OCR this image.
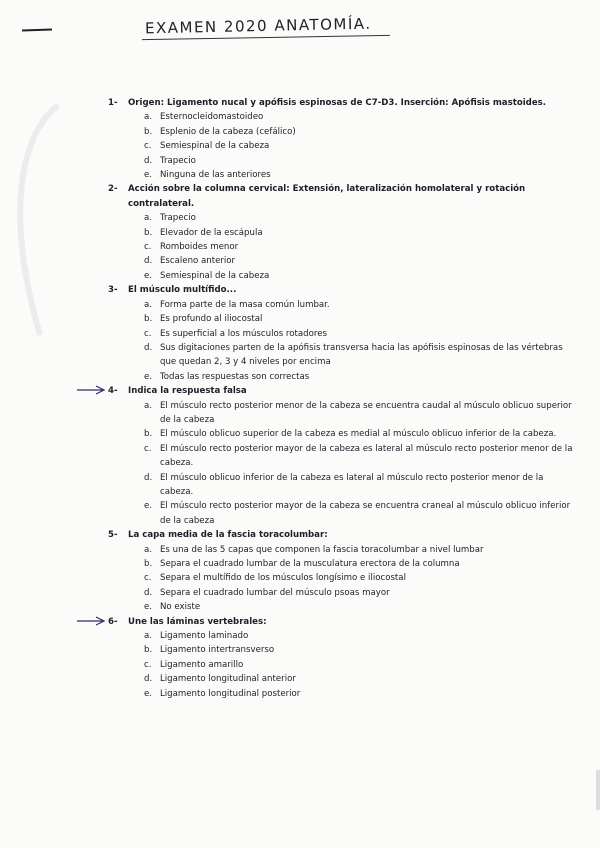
EXAMEN 2020 ANATOMÍA.
1- Origen: Ligamento nucal y apófisis espinosas de C7-D3. Inserción: Apófisis mastoides.
a. Esternocleidomastoideo
b. Esplenio de la cabeza (cefálico)
c. Semiespinal de la cabeza
d. Trapecio
e. Ninguna de las anteriores
2- Acción sobre la columna cervical: Extensión, lateralización homolateral y rotación contralateral.
a. Trapecio
b. Elevador de la escápula
c. Romboides menor
d. Escaleno anterior
e. Semiespinal de la cabeza
3- El músculo multífido...
a. Forma parte de la masa común lumbar.
b. Es profundo al iliocostal
c. Es superficial a los músculos rotadores
d. Sus digitaciones parten de la apófisis transversa hacia las apófisis espinosas de las vértebras que quedan 2, 3 y 4 niveles por encima
e. Todas las respuestas son correctas
4- Indica la respuesta falsa
a. El músculo recto posterior menor de la cabeza se encuentra caudal al músculo oblicuo superior de la cabeza
b. El músculo oblicuo superior de la cabeza es medial al músculo oblicuo inferior de la cabeza.
c. El músculo recto posterior mayor de la cabeza es lateral al músculo recto posterior menor de la cabeza.
d. El músculo oblicuo inferior de la cabeza es lateral al músculo recto posterior menor de la cabeza.
e. El músculo recto posterior mayor de la cabeza se encuentra craneal al músculo oblicuo inferior de la cabeza
5- La capa media de la fascia toracolumbar:
a. Es una de las 5 capas que componen la fascia toracolumbar a nivel lumbar
b. Separa el cuadrado lumbar de la musculatura erectora de la columna
c. Separa el multífido de los músculos longísimo e iliocostal
d. Separa el cuadrado lumbar del músculo psoas mayor
e. No existe
6- Une las láminas vertebrales:
a. Ligamento laminado
b. Ligamento intertransverso
c. Ligamento amarillo
d. Ligamento longitudinal anterior
e. Ligamento longitudinal posterior
